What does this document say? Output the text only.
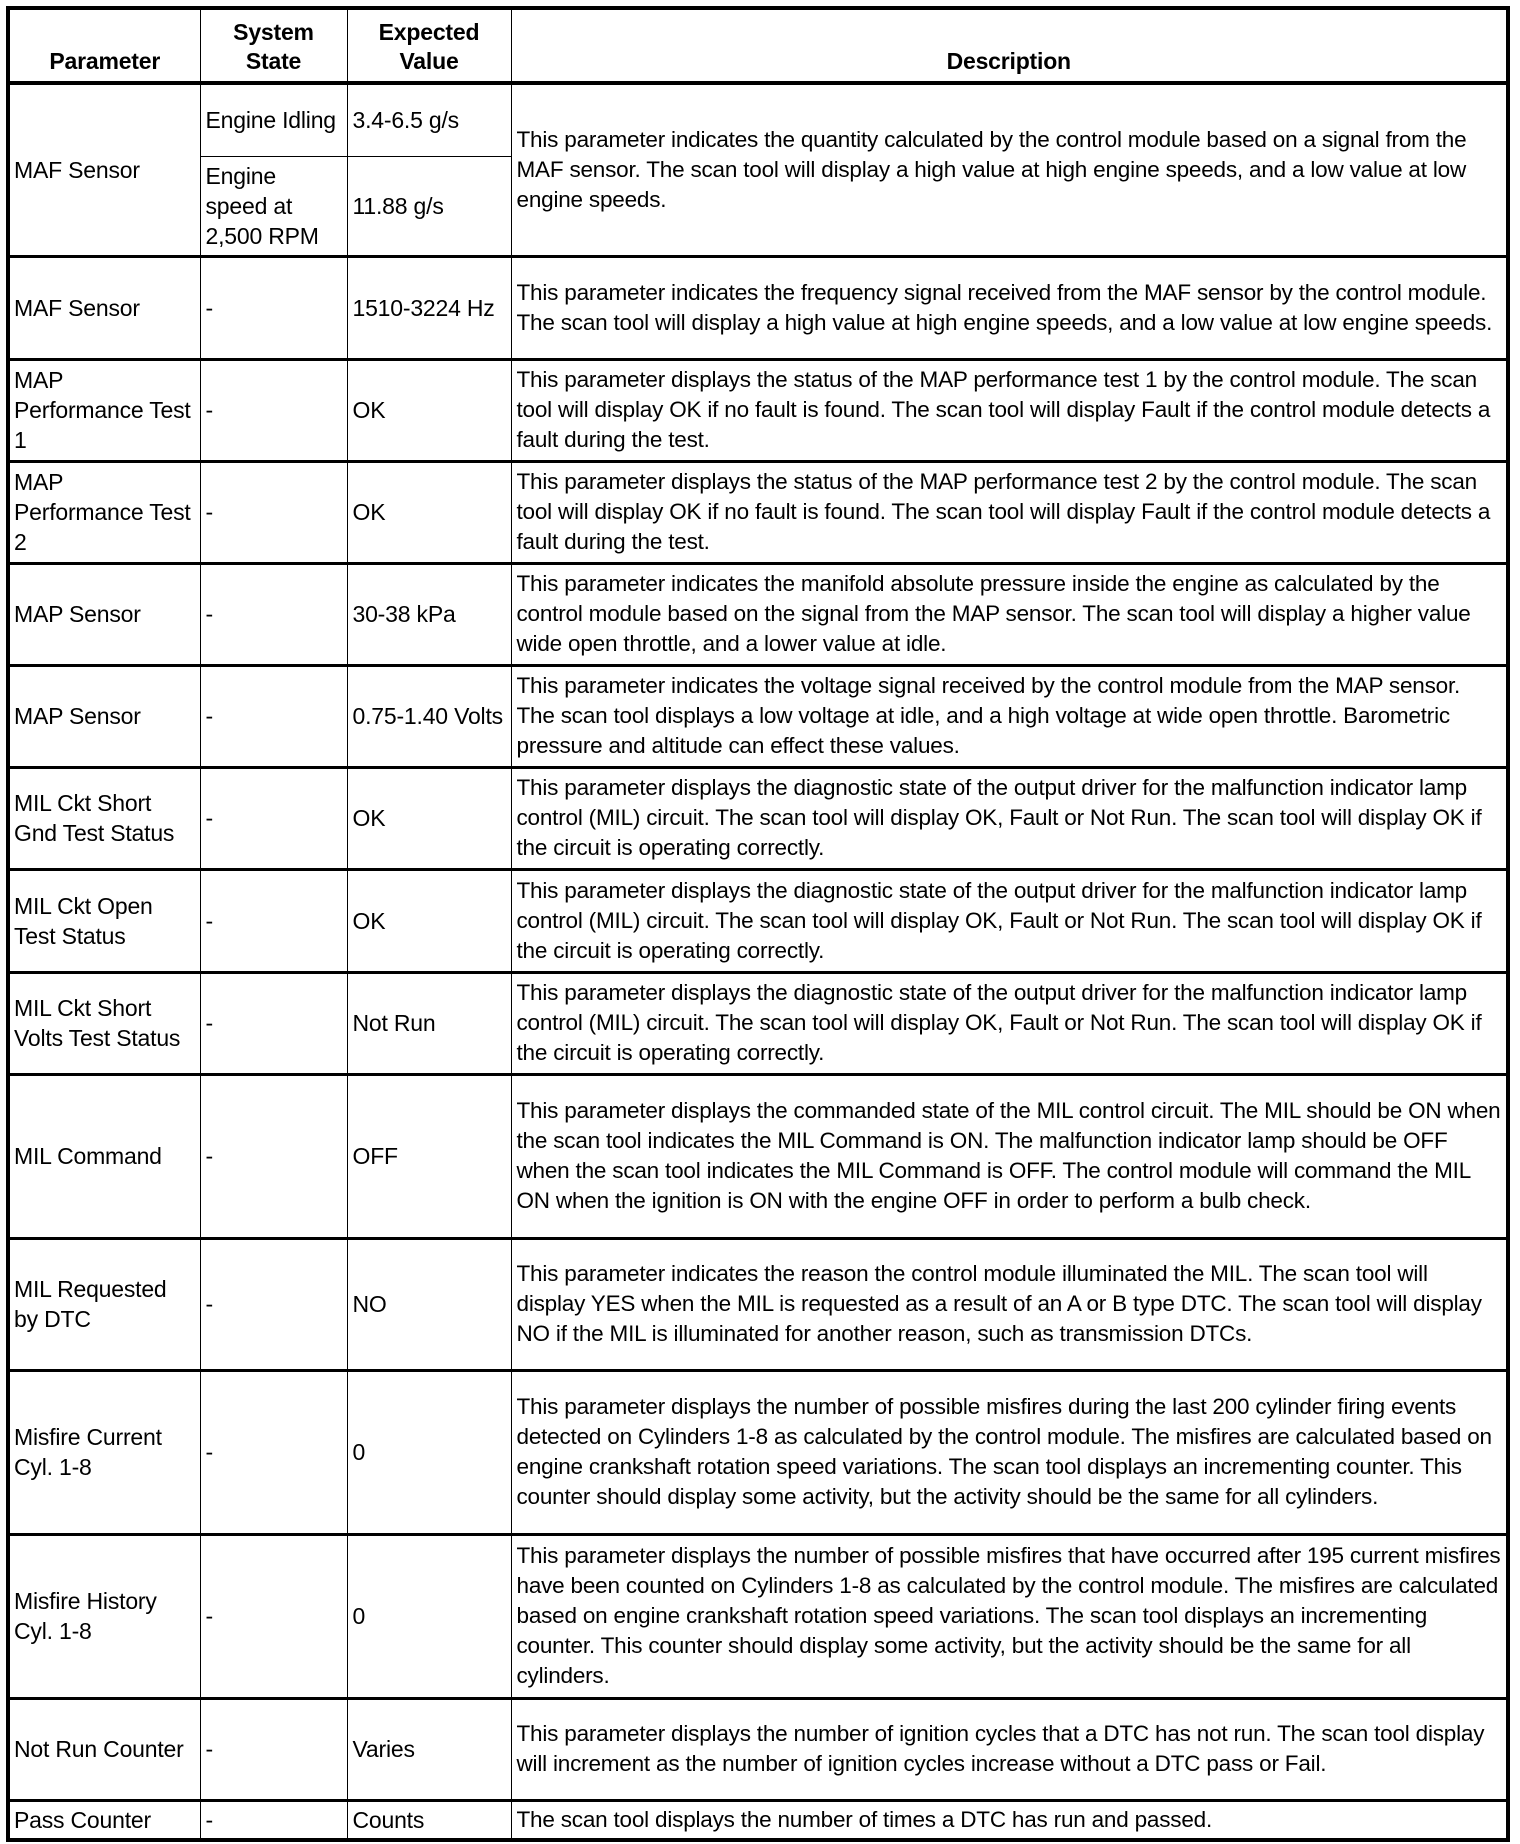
Parameter	System State	Expected Value	Description
MAF Sensor	Engine Idling	3.4-6.5 g/s	This parameter indicates the quantity calculated by the control module based on a signal from the MAF sensor. The scan tool will display a high value at high engine speeds, and a low value at low engine speeds.
	Engine speed at 2,500 RPM	11.88 g/s	
MAF Sensor	-	1510-3224 Hz	This parameter indicates the frequency signal received from the MAF sensor by the control module. The scan tool will display a high value at high engine speeds, and a low value at low engine speeds.
MAP Performance Test 1	-	OK	This parameter displays the status of the MAP performance test 1 by the control module. The scan tool will display OK if no fault is found. The scan tool will display Fault if the control module detects a fault during the test.
MAP Performance Test 2	-	OK	This parameter displays the status of the MAP performance test 2 by the control module. The scan tool will display OK if no fault is found. The scan tool will display Fault if the control module detects a fault during the test.
MAP Sensor	-	30-38 kPa	This parameter indicates the manifold absolute pressure inside the engine as calculated by the control module based on the signal from the MAP sensor. The scan tool will display a higher value wide open throttle, and a lower value at idle.
MAP Sensor	-	0.75-1.40 Volts	This parameter indicates the voltage signal received by the control module from the MAP sensor. The scan tool displays a low voltage at idle, and a high voltage at wide open throttle. Barometric pressure and altitude can effect these values.
MIL Ckt Short Gnd Test Status	-	OK	This parameter displays the diagnostic state of the output driver for the malfunction indicator lamp control (MIL) circuit. The scan tool will display OK, Fault or Not Run. The scan tool will display OK if the circuit is operating correctly.
MIL Ckt Open Test Status	-	OK	This parameter displays the diagnostic state of the output driver for the malfunction indicator lamp control (MIL) circuit. The scan tool will display OK, Fault or Not Run. The scan tool will display OK if the circuit is operating correctly.
MIL Ckt Short Volts Test Status	-	Not Run	This parameter displays the diagnostic state of the output driver for the malfunction indicator lamp control (MIL) circuit. The scan tool will display OK, Fault or Not Run. The scan tool will display OK if the circuit is operating correctly.
MIL Command	-	OFF	This parameter displays the commanded state of the MIL control circuit. The MIL should be ON when the scan tool indicates the MIL Command is ON. The malfunction indicator lamp should be OFF when the scan tool indicates the MIL Command is OFF. The control module will command the MIL ON when the ignition is ON with the engine OFF in order to perform a bulb check.
MIL Requested by DTC	-	NO	This parameter indicates the reason the control module illuminated the MIL. The scan tool will display YES when the MIL is requested as a result of an A or B type DTC. The scan tool will display NO if the MIL is illuminated for another reason, such as transmission DTCs.
Misfire Current Cyl. 1-8	-	0	This parameter displays the number of possible misfires during the last 200 cylinder firing events detected on Cylinders 1-8 as calculated by the control module. The misfires are calculated based on engine crankshaft rotation speed variations. The scan tool displays an incrementing counter. This counter should display some activity, but the activity should be the same for all cylinders.
Misfire History Cyl. 1-8	-	0	This parameter displays the number of possible misfires that have occurred after 195 current misfires have been counted on Cylinders 1-8 as calculated by the control module. The misfires are calculated based on engine crankshaft rotation speed variations. The scan tool displays an incrementing counter. This counter should display some activity, but the activity should be the same for all cylinders.
Not Run Counter	-	Varies	This parameter displays the number of ignition cycles that a DTC has not run. The scan tool display will increment as the number of ignition cycles increase without a DTC pass or Fail.
Pass Counter	-	Counts	The scan tool displays the number of times a DTC has run and passed.
